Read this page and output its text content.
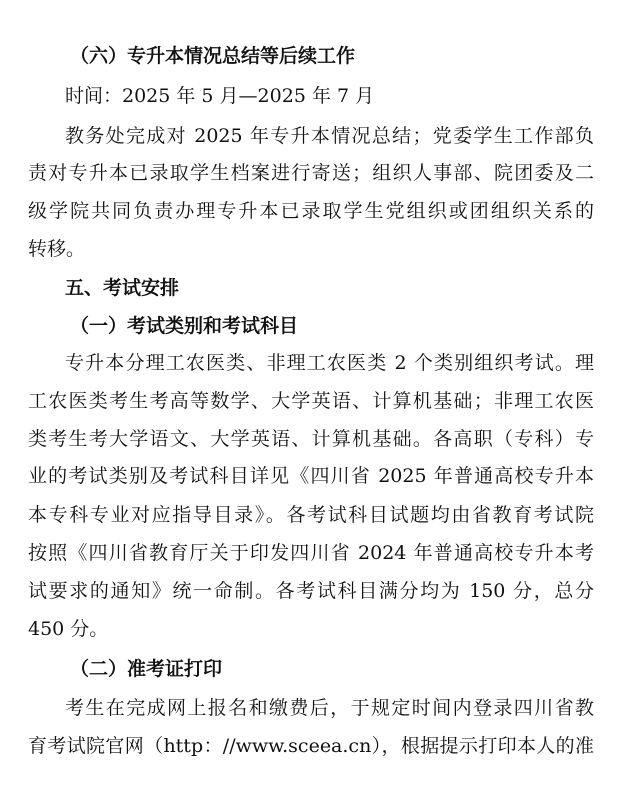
（六）专升本情况总结等后续工作
时间：2025 年 5 月—2025 年 7 月
教务处完成对 2025 年专升本情况总结；党委学生工作部负
责对专升本已录取学生档案进行寄送；组织人事部、院团委及二
级学院共同负责办理专升本已录取学生党组织或团组织关系的
转移。
五、考试安排
（一）考试类别和考试科目
专升本分理工农医类、非理工农医类 2 个类别组织考试。理
工农医类考生考高等数学、大学英语、计算机基础；非理工农医
类考生考大学语文、大学英语、计算机基础。各高职（专科）专
业的考试类别及考试科目详见《四川省 2025 年普通高校专升本
本专科专业对应指导目录》。各考试科目试题均由省教育考试院
按照《四川省教育厅关于印发四川省 2024 年普通高校专升本考
试要求的通知》统一命制。各考试科目满分均为 150 分，总分
450 分。
（二）准考证打印
考生在完成网上报名和缴费后，于规定时间内登录四川省教
育考试院官网（http：//www.sceea.cn），根据提示打印本人的准
